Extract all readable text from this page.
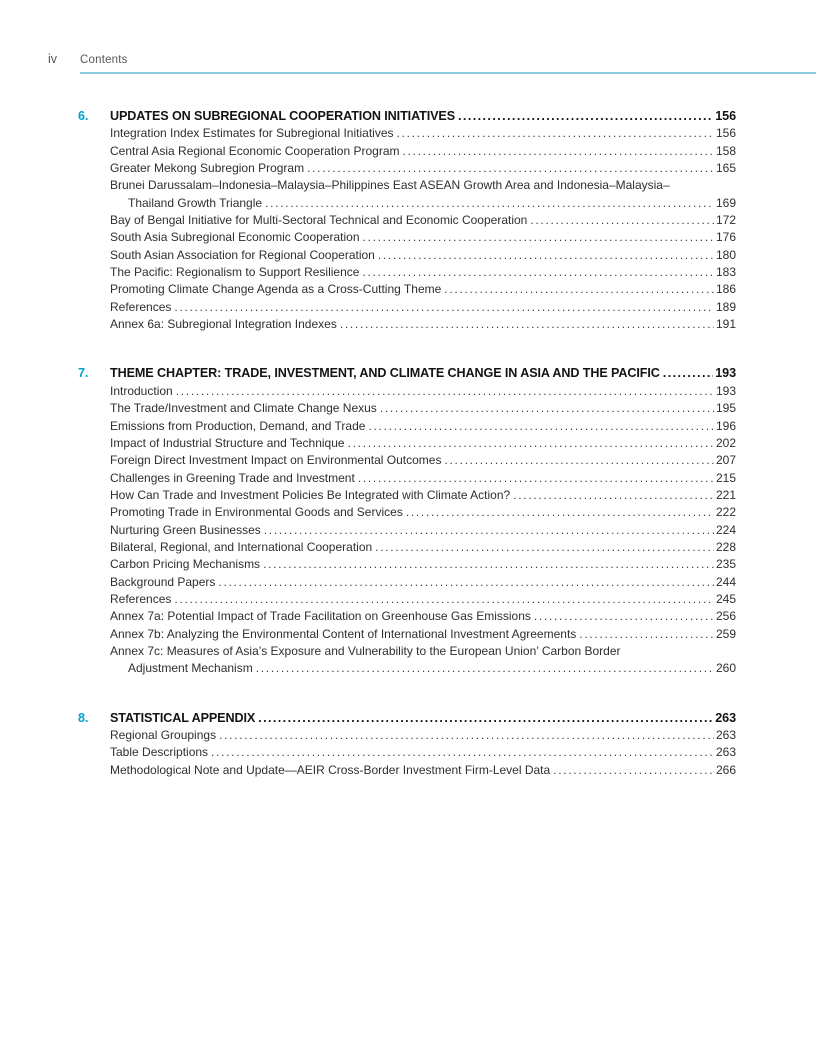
iv	Contents
6.	UPDATES ON SUBREGIONAL COOPERATION INITIATIVES .....	156
Integration Index Estimates for Subregional Initiatives .....	156
Central Asia Regional Economic Cooperation Program .....	158
Greater Mekong Subregion Program .....	165
Brunei Darussalam–Indonesia–Malaysia–Philippines East ASEAN Growth Area and Indonesia–Malaysia–
Thailand Growth Triangle .....	169
Bay of Bengal Initiative for Multi-Sectoral Technical and Economic Cooperation .....	172
South Asia Subregional Economic Cooperation .....	176
South Asian Association for Regional Cooperation .....	180
The Pacific: Regionalism to Support Resilience .....	183
Promoting Climate Change Agenda as a Cross-Cutting Theme .....	186
References .....	189
Annex 6a: Subregional Integration Indexes .....	191
7.	THEME CHAPTER: TRADE, INVESTMENT, AND CLIMATE CHANGE IN ASIA AND THE PACIFIC .....	193
Introduction .....	193
The Trade/Investment and Climate Change Nexus .....	195
Emissions from Production, Demand, and Trade .....	196
Impact of Industrial Structure and Technique .....	202
Foreign Direct Investment Impact on Environmental Outcomes .....	207
Challenges in Greening Trade and Investment .....	215
How Can Trade and Investment Policies Be Integrated with Climate Action? .....	221
Promoting Trade in Environmental Goods and Services .....	222
Nurturing Green Businesses .....	224
Bilateral, Regional, and International Cooperation .....	228
Carbon Pricing Mechanisms .....	235
Background Papers .....	244
References .....	245
Annex 7a: Potential Impact of Trade Facilitation on Greenhouse Gas Emissions .....	256
Annex 7b: Analyzing the Environmental Content of International Investment Agreements .....	259
Annex 7c: Measures of Asia’s Exposure and Vulnerability to the European Union’ Carbon Border
Adjustment Mechanism .....	260
8.	STATISTICAL APPENDIX .....	263
Regional Groupings .....	263
Table Descriptions .....	263
Methodological Note and Update—AEIR Cross-Border Investment Firm-Level Data .....	266
